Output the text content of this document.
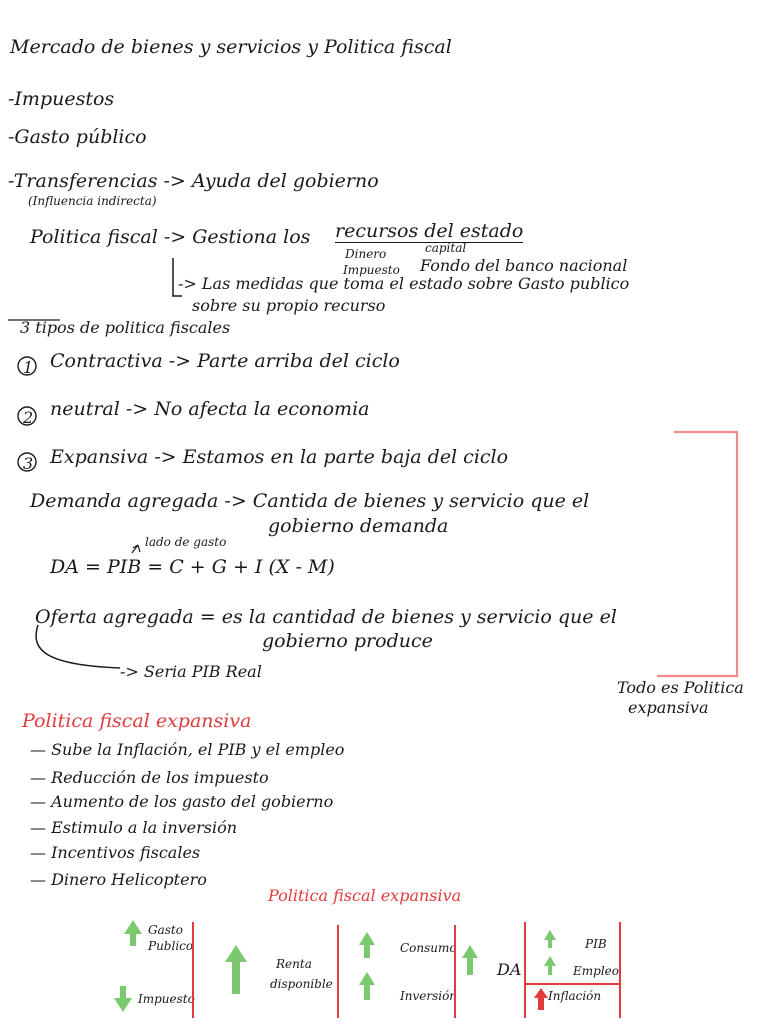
Mercado de bienes y servicios y Politica fiscal
-Impuestos
-Gasto público
-Transferencias -> Ayuda del gobierno
(Influencia indirecta)
Politica fiscal -> Gestiona los recursos del estado
Dinero	capital
Impuesto Fondo del banco nacional
-> Las medidas que toma el estado sobre Gasto publico
sobre su propio recurso
3 tipos de politica fiscales
1 Contractiva -> Parte arriba del ciclo
2 neutral -> No afecta la economia
3 Expansiva -> Estamos en la parte baja del ciclo
Demanda agregada -> Cantida de bienes y servicio que el
lado de gasto
gobierno demanda
DA = PIB = C + G + I (X - M)
Oferta agregada = es la cantidad de bienes y servicio que el
gobierno produce
-> Seria PIB Real
Todo es Politica
expansiva
Politica fiscal expansiva
— Sube la Inflación, el PIB y el empleo
— Reducción de los impuesto
— Aumento de los gasto del gobierno
— Estimulo a la inversión
— Incentivos fiscales
— Dinero Helicoptero
Politica fiscal expansiva
Gasto
Publico
Impuesto
Renta
disponible
Consumo
Inversión
DA
PIB
Empleo
Inflación
